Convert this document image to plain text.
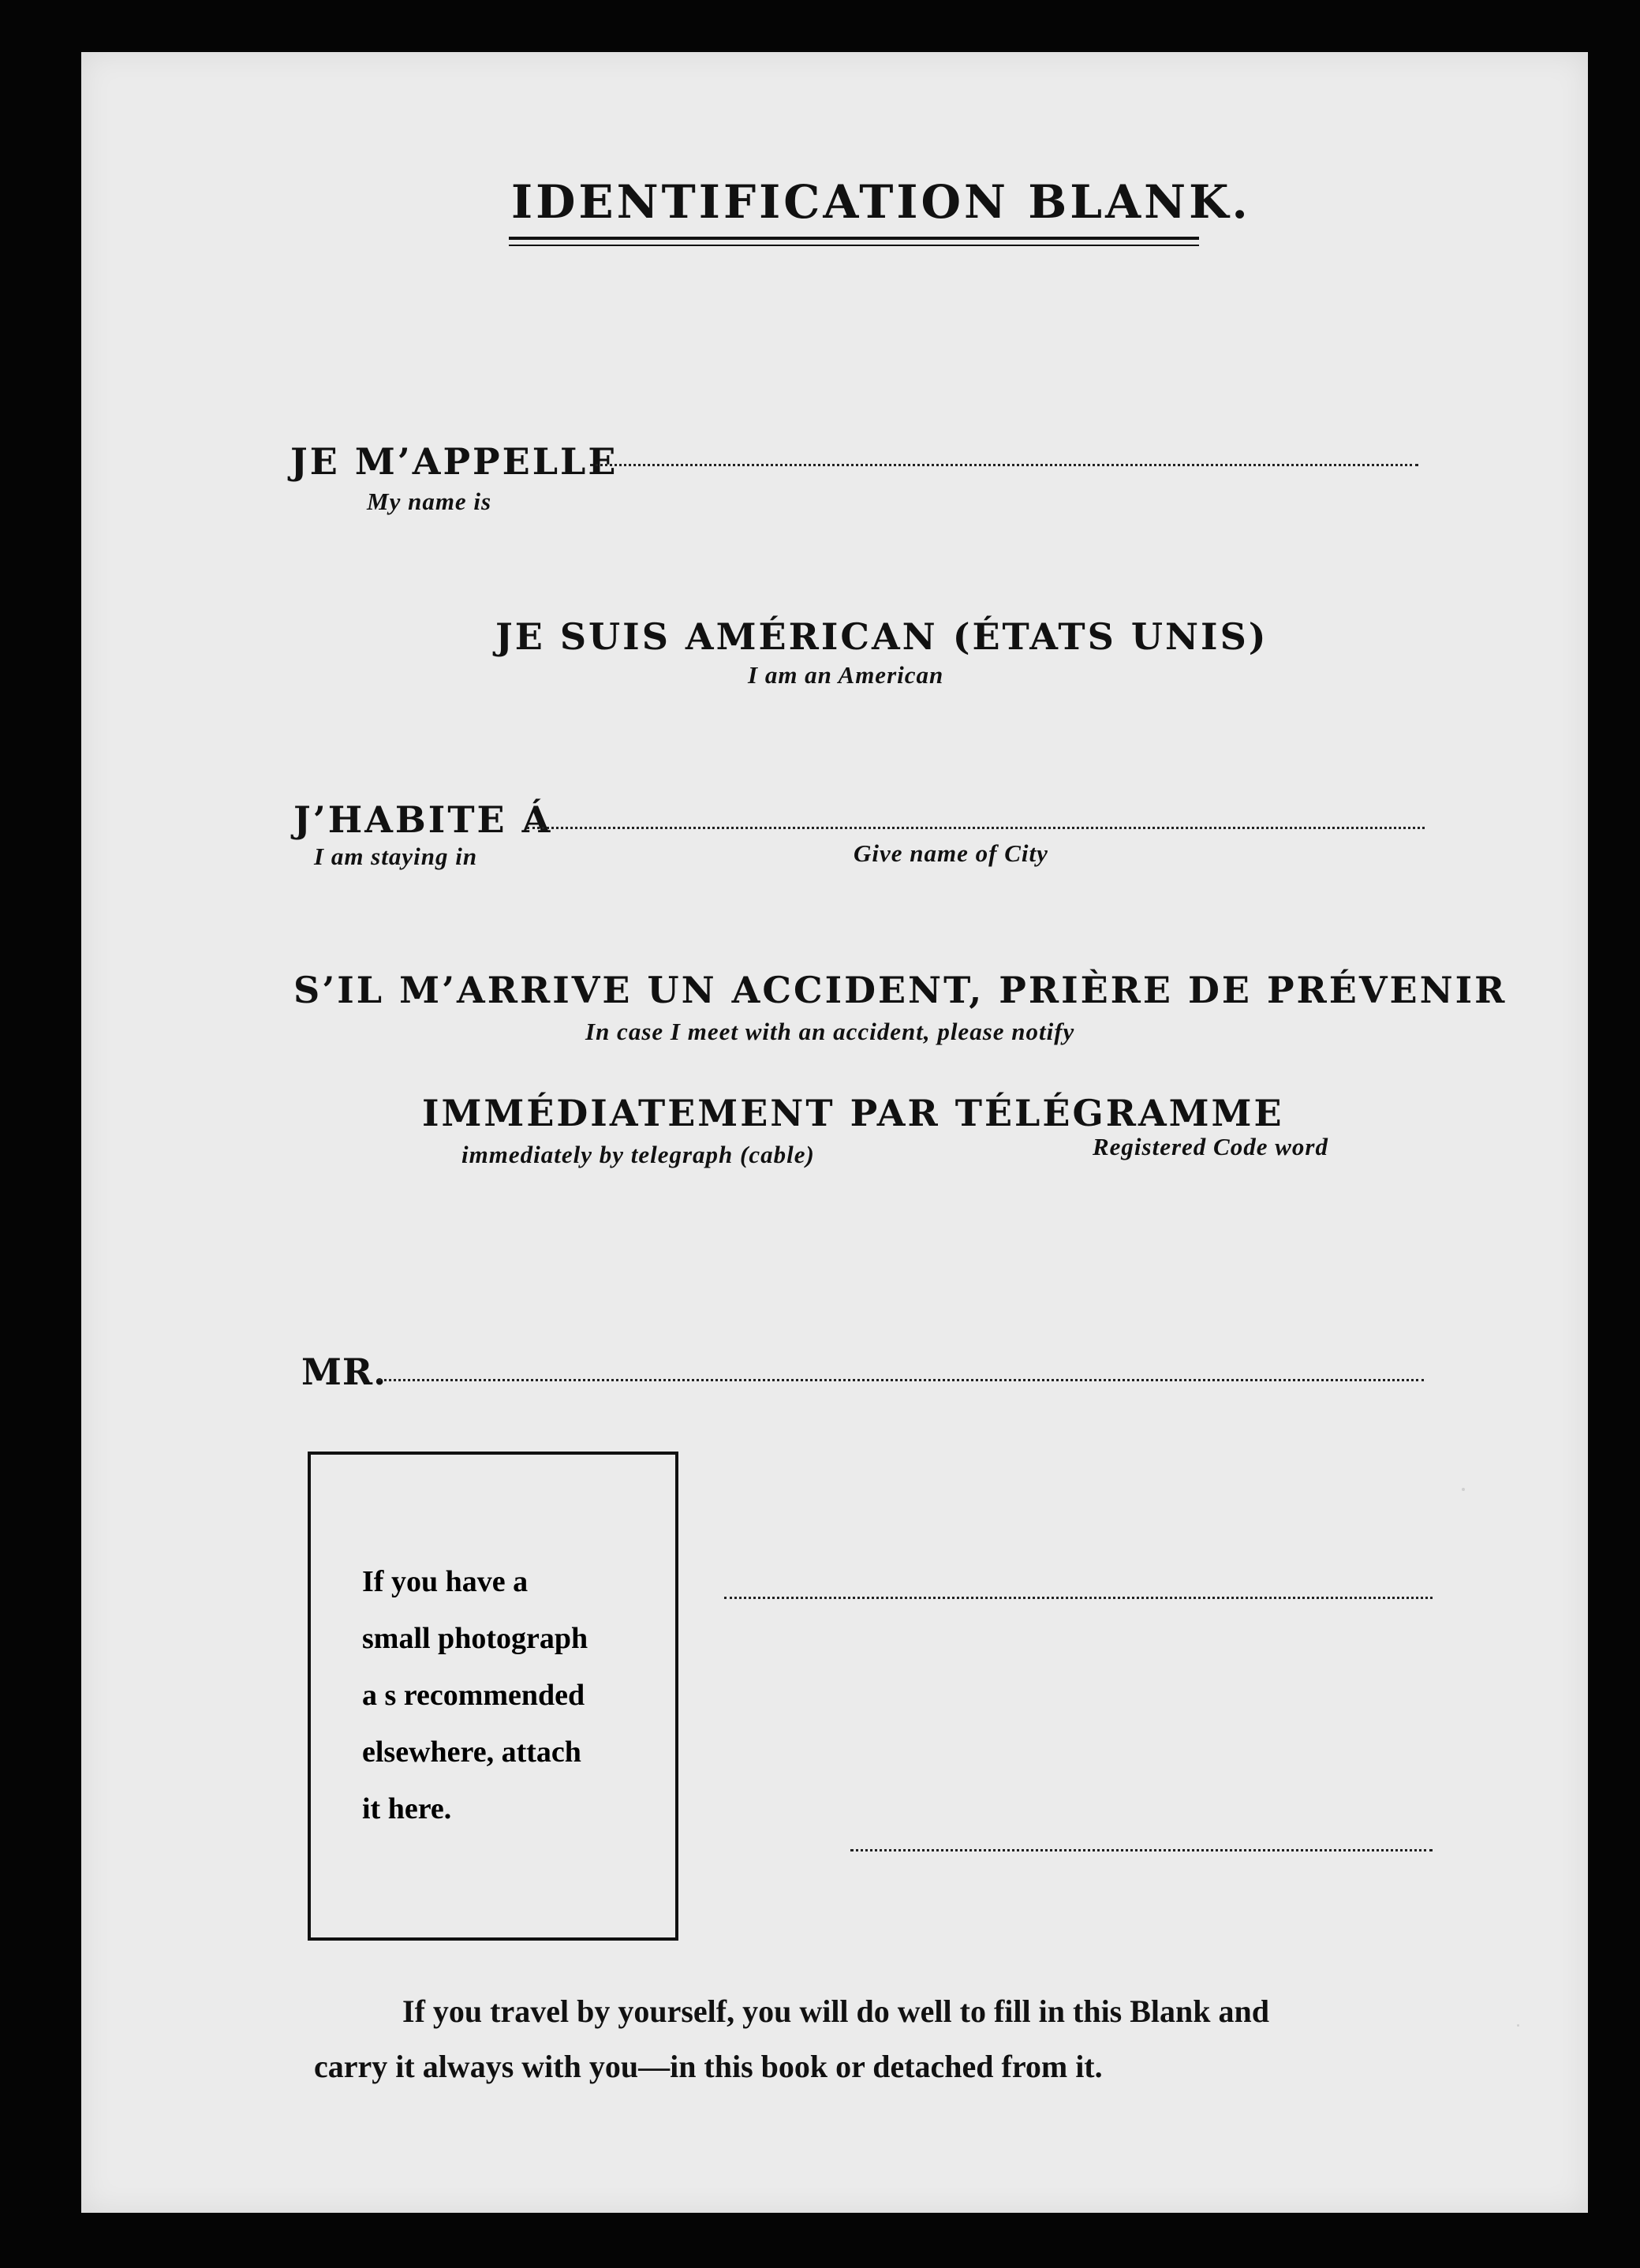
IDENTIFICATION BLANK.
JE M’APPELLE
My name is
JE SUIS AMÉRICAN (ÉTATS UNIS)
I am an American
J’HABITE Á
I am staying in	Give name of City
S’IL M’ARRIVE UN ACCIDENT, PRIÈRE DE PRÉVENIR
In case I meet with an accident, please notify
IMMÉDIATEMENT PAR TÉLÉGRAMME
immediately by telegraph (cable)	Registered Code word
MR.
If you have a
small photograph
a s recommended
elsewhere, attach
it here.
If you travel by yourself, you will do well to fill in this Blank and
carry it always with you—in this book or detached from it.
